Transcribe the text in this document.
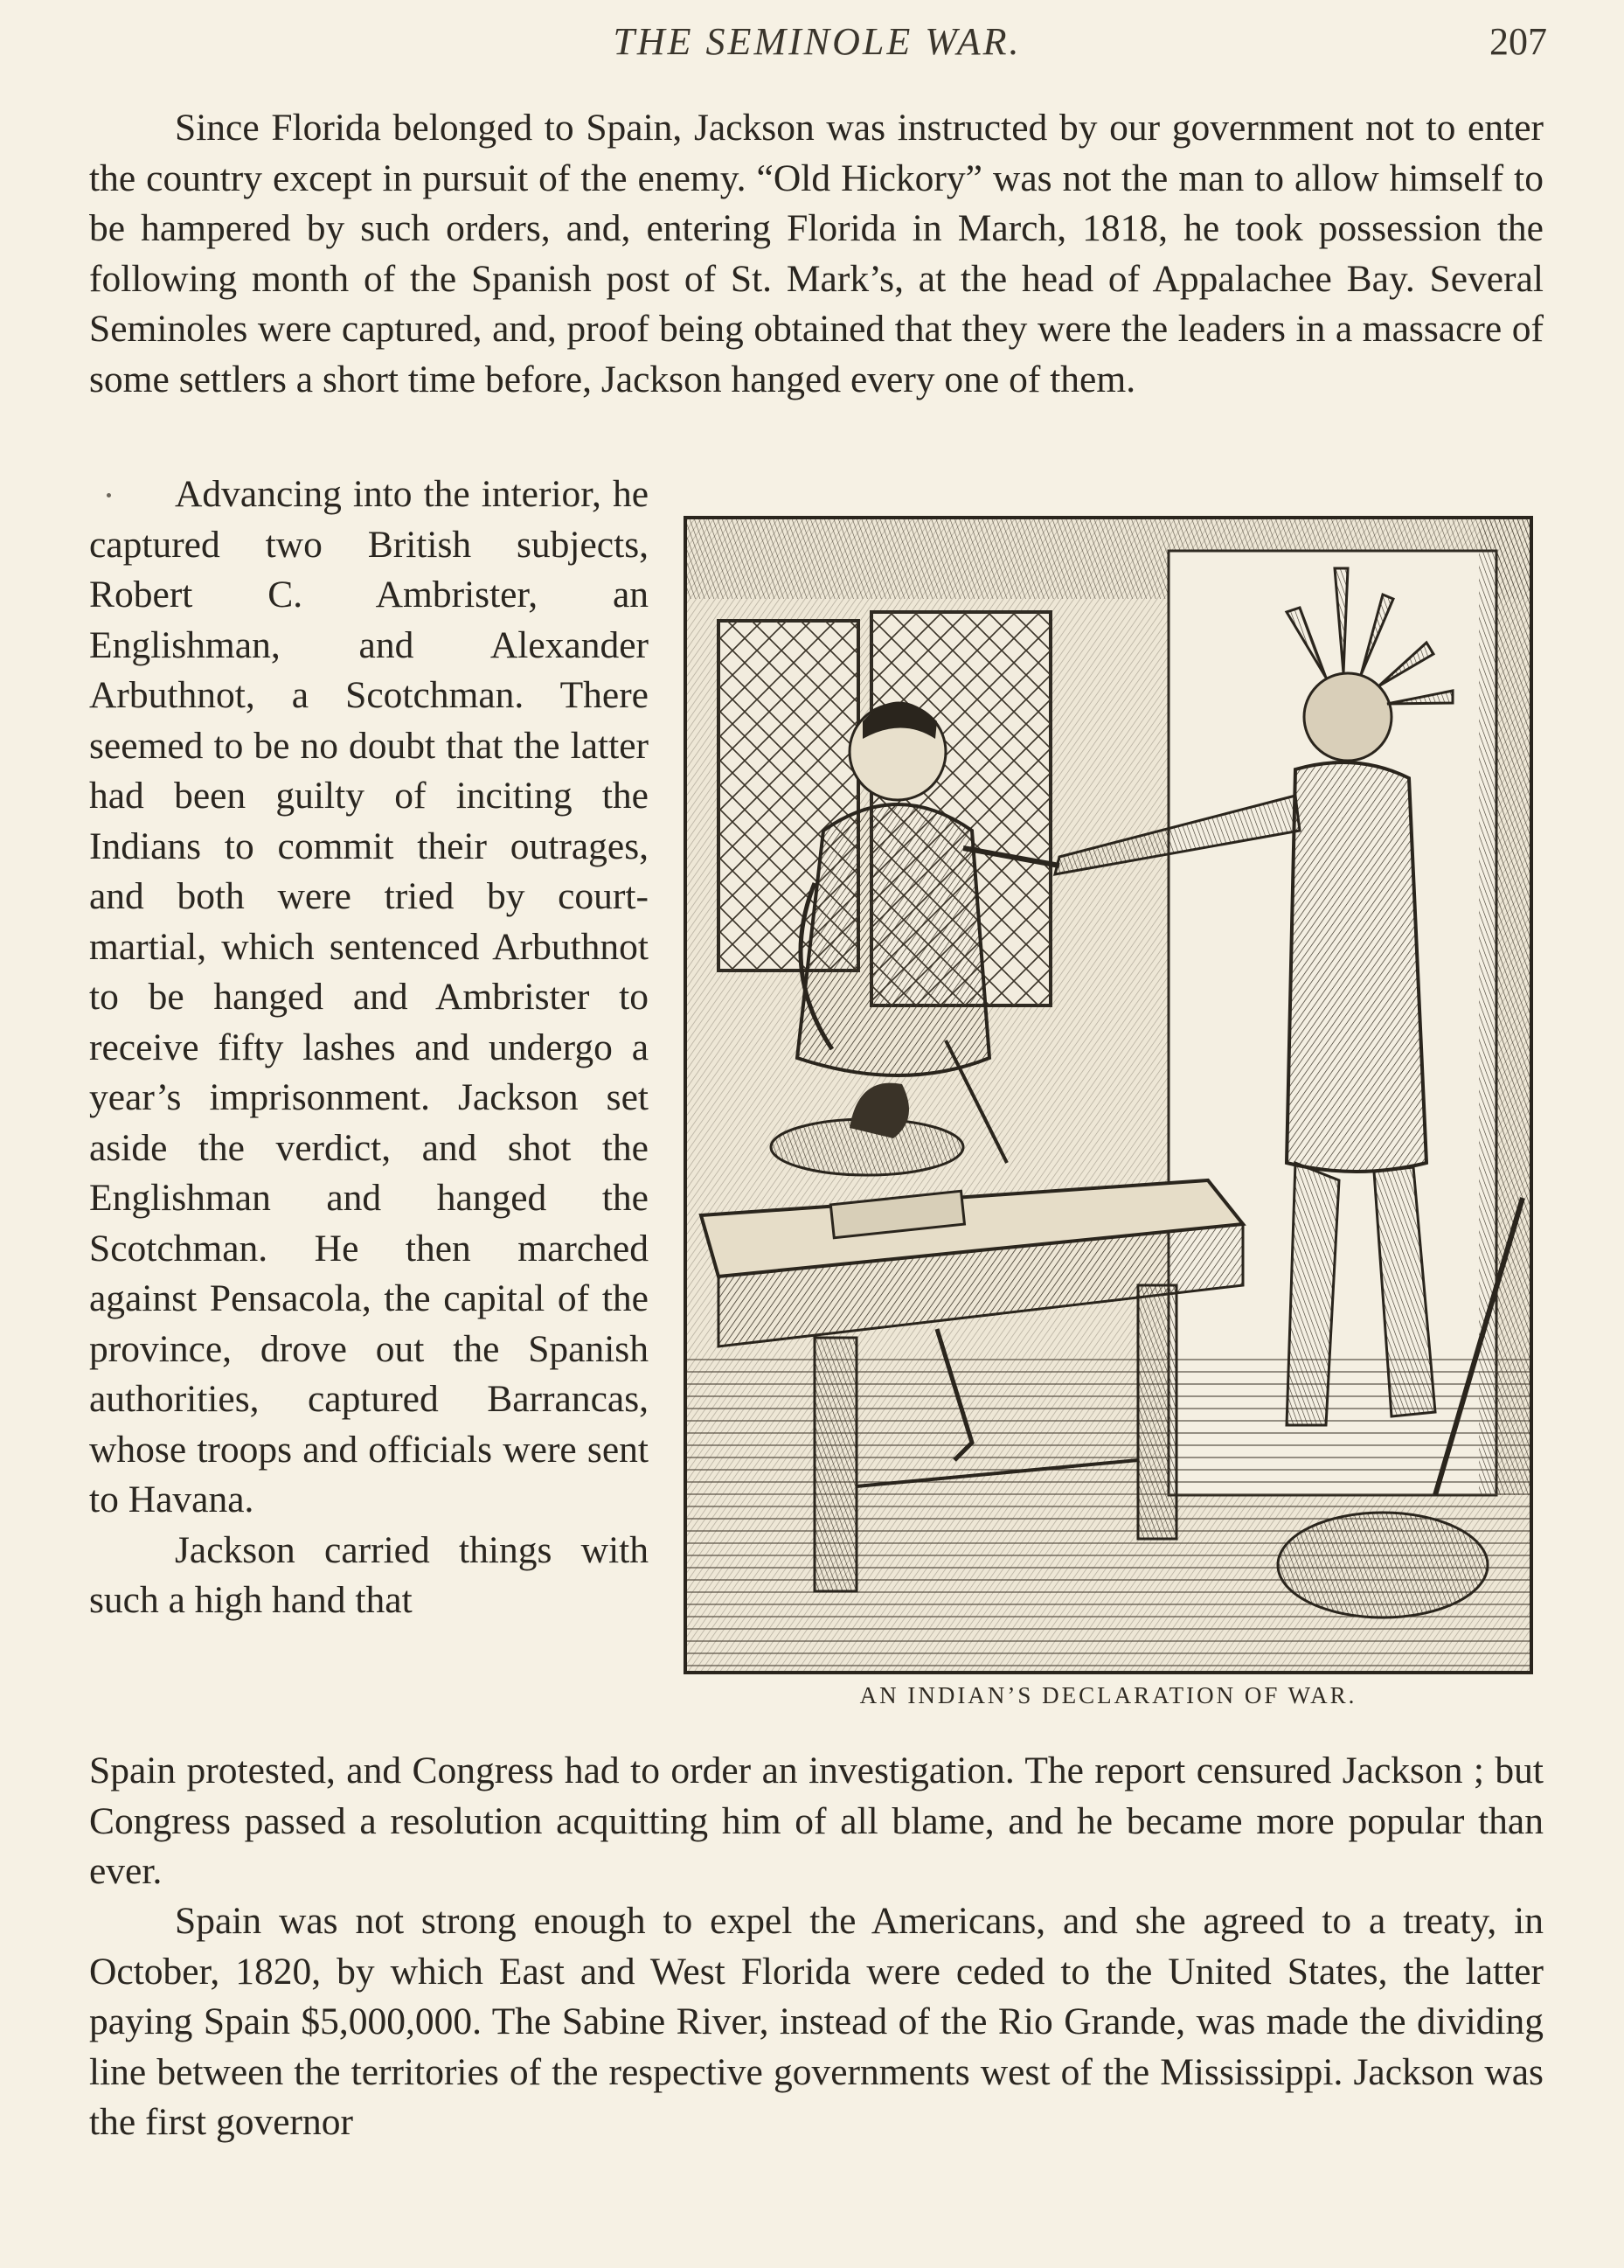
THE SEMINOLE WAR.	207

Since Florida belonged to Spain, Jackson was instructed by our government not to enter the country except in pursuit of the enemy. “Old Hickory” was not the man to allow himself to be hampered by such orders, and, entering Florida in March, 1818, he took possession the following month of the Spanish post of St. Mark’s, at the head of Appalachee Bay. Several Seminoles were captured, and, proof being obtained that they were the leaders in a massacre of some settlers a short time before, Jackson hanged every one of them.

Advancing into the interior, he captured two British subjects, Robert C. Ambrister, an Englishman, and Alexander Arbuthnot, a Scotchman. There seemed to be no doubt that the latter had been guilty of inciting the Indians to commit their outrages, and both were tried by court-martial, which sentenced Arbuthnot to be hanged and Ambrister to receive fifty lashes and undergo a year’s imprisonment. Jackson set aside the verdict, and shot the Englishman and hanged the Scotchman. He then marched against Pensacola, the capital of the province, drove out the Spanish authorities, captured Barrancas, whose troops and officials were sent to Havana.

Jackson carried things with such a high hand that

AN INDIAN’S DECLARATION OF WAR.

Spain protested, and Congress had to order an investigation. The report censured Jackson ; but Congress passed a resolution acquitting him of all blame, and he became more popular than ever.

Spain was not strong enough to expel the Americans, and she agreed to a treaty, in October, 1820, by which East and West Florida were ceded to the United States, the latter paying Spain $5,000,000. The Sabine River, instead of the Rio Grande, was made the dividing line between the territories of the respective governments west of the Mississippi. Jackson was the first governor
